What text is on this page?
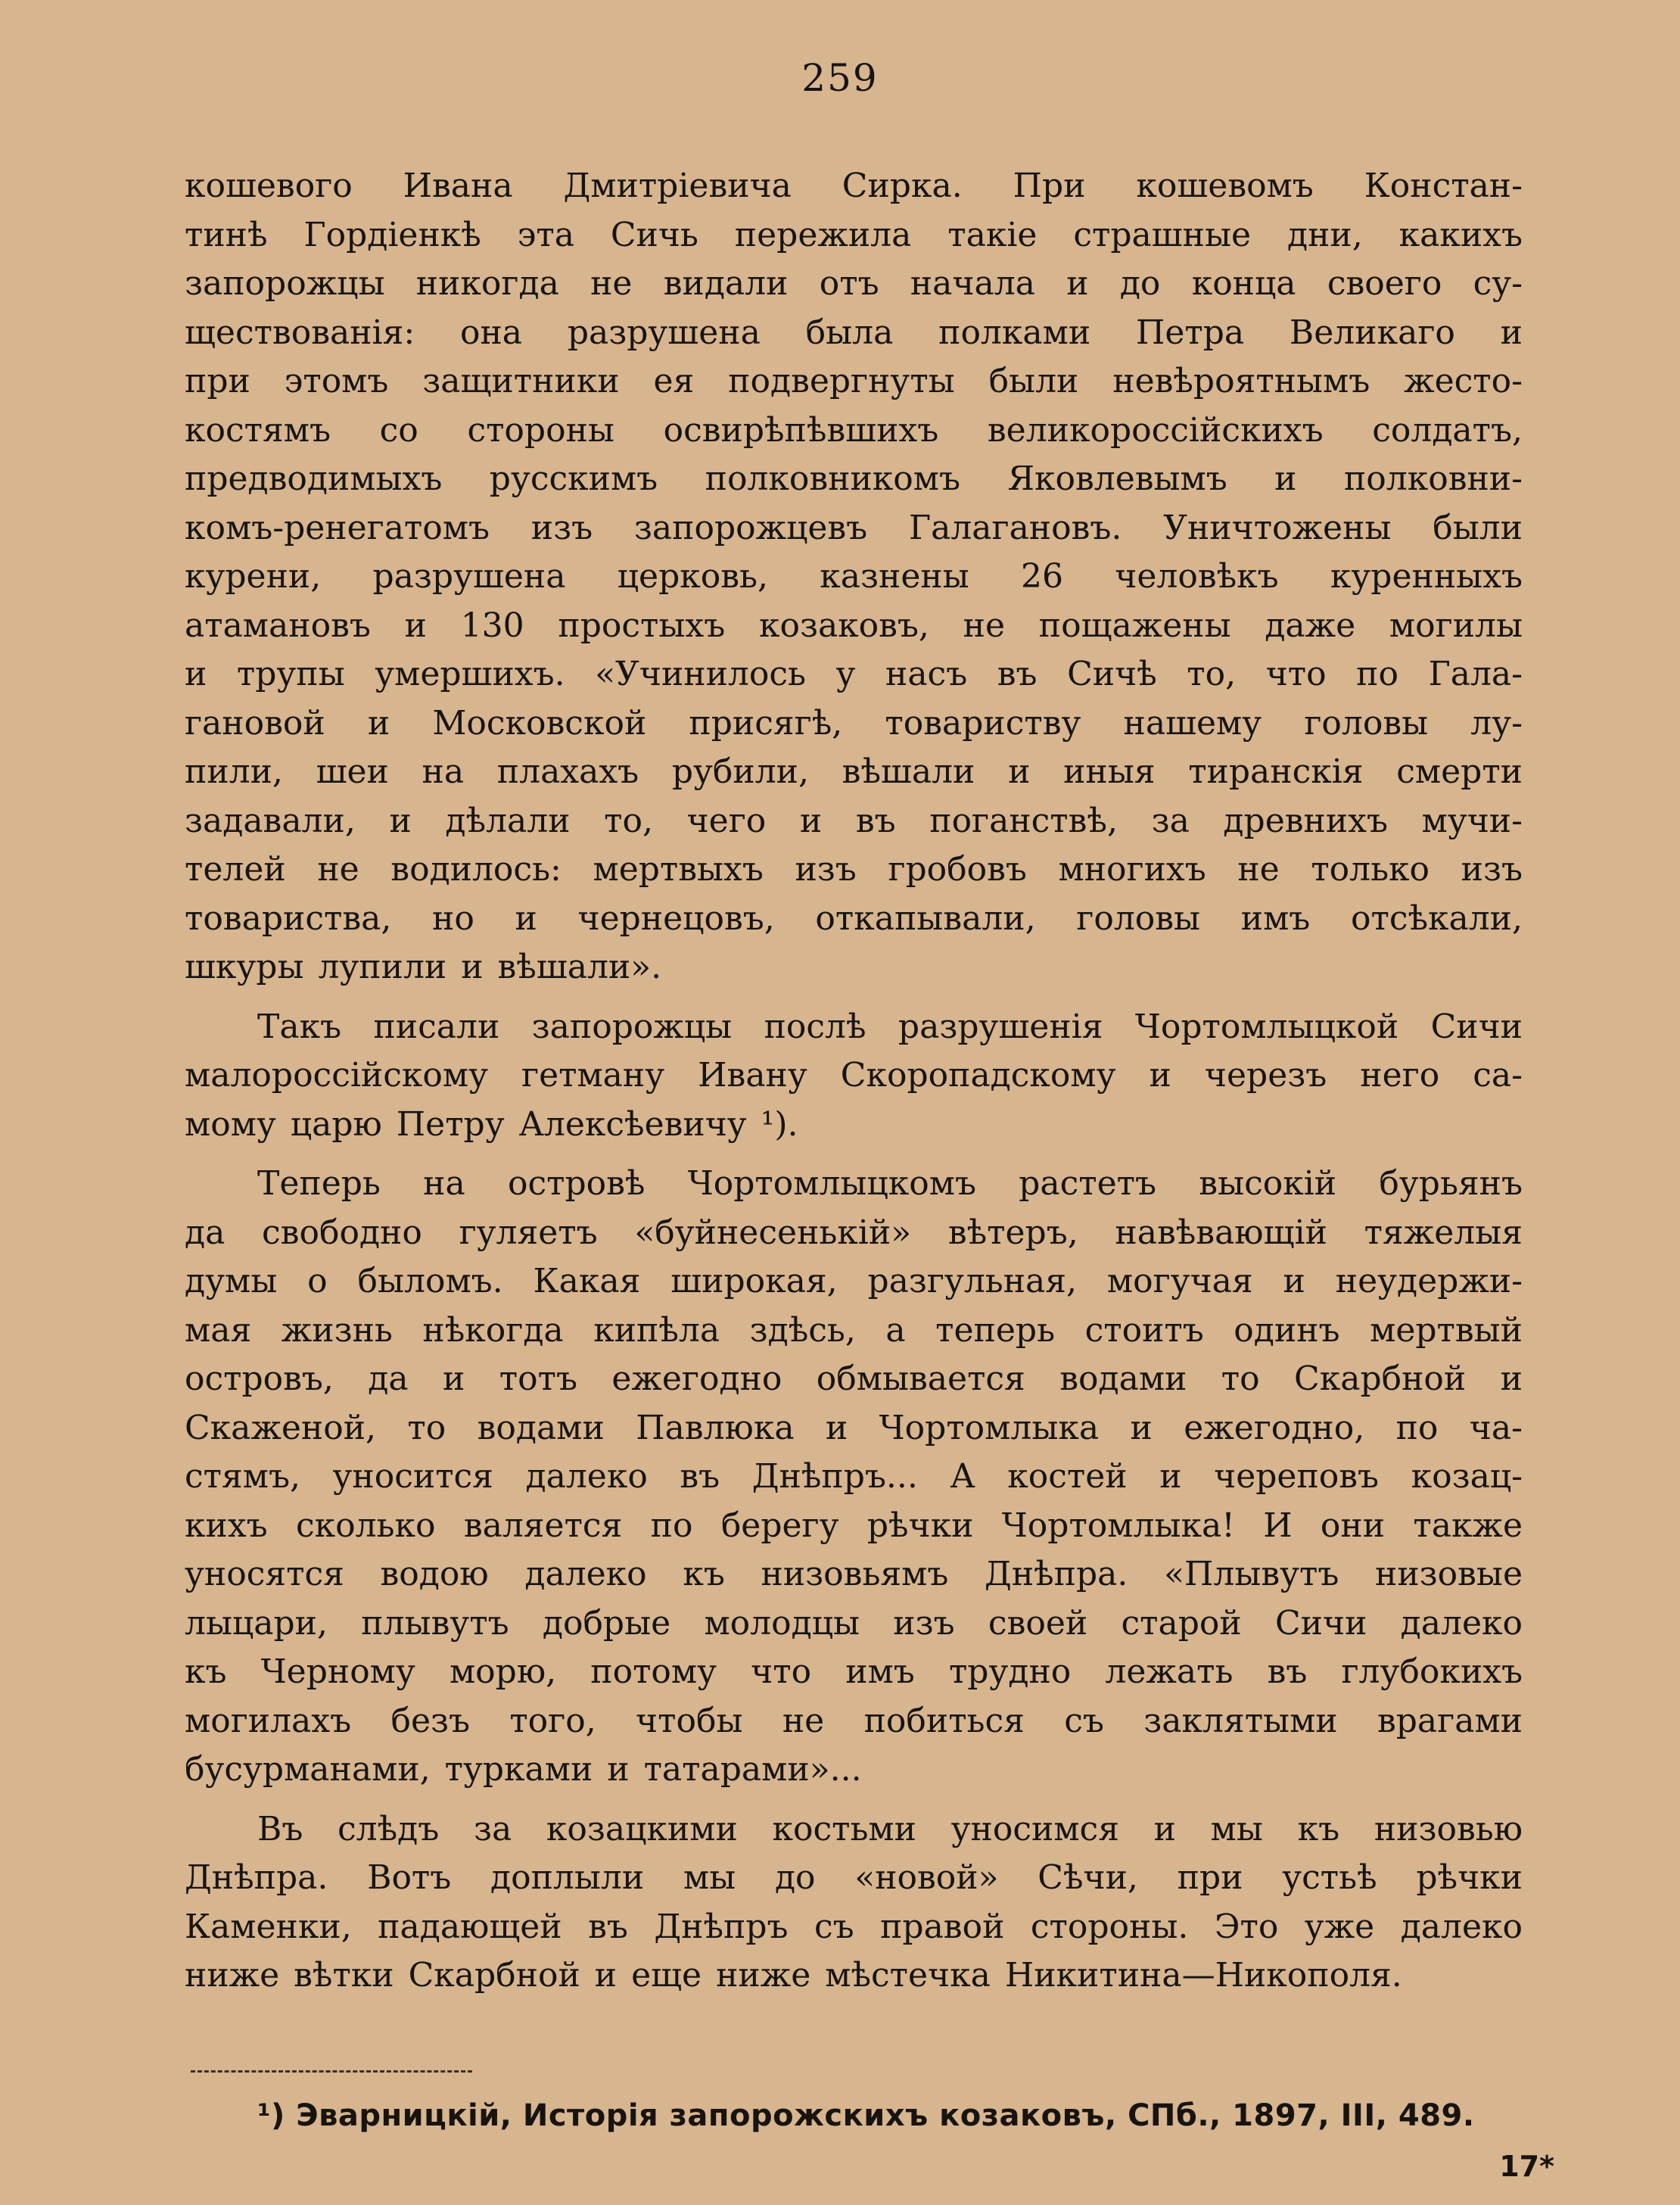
259
кошевого Ивана Дмитріевича Сирка. При кошевомъ Констан-
тинѣ Гордіенкѣ эта Сичь пережила такіе страшные дни, какихъ
запорожцы никогда не видали отъ начала и до конца своего су-
ществованія: она разрушена была полками Петра Великаго и
при этомъ защитники ея подвергнуты были невѣроятнымъ жесто-
костямъ со стороны освирѣпѣвшихъ великороссійскихъ солдатъ,
предводимыхъ русскимъ полковникомъ Яковлевымъ и полковни-
комъ-ренегатомъ изъ запорожцевъ Галагановъ. Уничтожены были
курени, разрушена церковь, казнены 26 человѣкъ куренныхъ
атамановъ и 130 простыхъ козаковъ, не пощажены даже могилы
и трупы умершихъ. «Учинилось у насъ въ Сичѣ то, что по Гала-
гановой и Московской присягѣ, товариству нашему головы лу-
пили, шеи на плахахъ рубили, вѣшали и иныя тиранскія смерти
задавали, и дѣлали то, чего и въ поганствѣ, за древнихъ мучи-
телей не водилось: мертвыхъ изъ гробовъ многихъ не только изъ
товариства, но и чернецовъ, откапывали, головы имъ отсѣкали,
шкуры лупили и вѣшали».
Такъ писали запорожцы послѣ разрушенія Чортомлыцкой Сичи
малороссійскому гетману Ивану Скоропадскому и черезъ него са-
мому царю Петру Алексѣевичу ¹).
Теперь на островѣ Чортомлыцкомъ растетъ высокій бурьянъ
да свободно гуляетъ «буйнесенькій» вѣтеръ, навѣвающій тяжелыя
думы о быломъ. Какая широкая, разгульная, могучая и неудержи-
мая жизнь нѣкогда кипѣла здѣсь, а теперь стоитъ одинъ мертвый
островъ, да и тотъ ежегодно обмывается водами то Скарбной и
Скаженой, то водами Павлюка и Чортомлыка и ежегодно, по ча-
стямъ, уносится далеко въ Днѣпръ... А костей и череповъ козац-
кихъ сколько валяется по берегу рѣчки Чортомлыка! И они также
уносятся водою далеко къ низовьямъ Днѣпра. «Плывутъ низовые
лыцари, плывутъ добрые молодцы изъ своей старой Сичи далеко
къ Черному морю, потому что имъ трудно лежать въ глубокихъ
могилахъ безъ того, чтобы не побиться съ заклятыми врагами
бусурманами, турками и татарами»...
Въ слѣдъ за козацкими костьми уносимся и мы къ низовью
Днѣпра. Вотъ доплыли мы до «новой» Сѣчи, при устьѣ рѣчки
Каменки, падающей въ Днѣпръ съ правой стороны. Это уже далеко
ниже вѣтки Скарбной и еще ниже мѣстечка Никитина—Никополя.
¹) Эварницкій, Исторія запорожскихъ козаковъ, СПб., 1897, III, 489.
17*
